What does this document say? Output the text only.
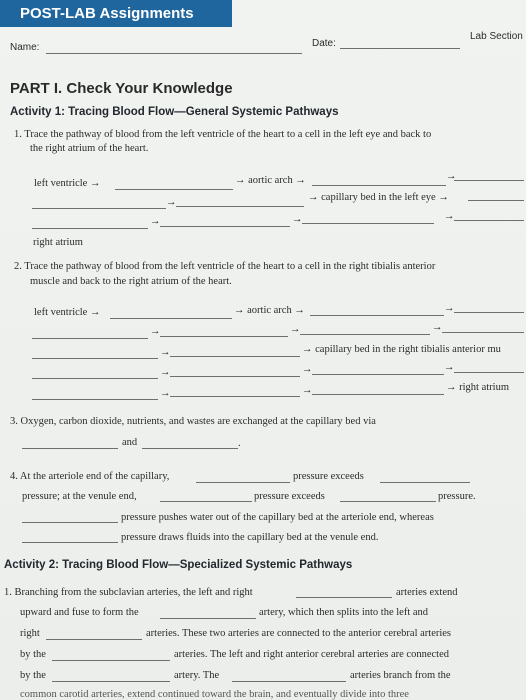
POST-LAB Assignments
Name:	Date:
Lab Section
PART I. Check Your Knowledge
Activity 1: Tracing Blood Flow—General Systemic Pathways
1. Trace the pathway of blood from the left ventricle of the heart to a cell in the left eye and back to
the right atrium of the heart.
left ventricle →	→ aortic arch →	→
→	→ capillary bed in the left eye →
→	→	→
right atrium
2. Trace the pathway of blood from the left ventricle of the heart to a cell in the right tibialis anterior
muscle and back to the right atrium of the heart.
left ventricle →	→ aortic arch →	→
→	→	→
→	→ capillary bed in the right tibialis anterior mu
→	→	→
→	→	→ right atrium
3. Oxygen, carbon dioxide, nutrients, and wastes are exchanged at the capillary bed via
and	.
4. At the arteriole end of the capillary,	pressure exceeds
pressure; at the venule end,	pressure exceeds	pressure.
pressure pushes water out of the capillary bed at the arteriole end, whereas
pressure draws fluids into the capillary bed at the venule end.
Activity 2: Tracing Blood Flow—Specialized Systemic Pathways
1. Branching from the subclavian arteries, the left and right	arteries extend
upward and fuse to form the	artery, which then splits into the left and
right	arteries. These two arteries are connected to the anterior cerebral arteries
by the	arteries. The left and right anterior cerebral arteries are connected
by the	artery. The	arteries branch from the
common carotid arteries, extend continued toward the brain, and eventually divide into three
